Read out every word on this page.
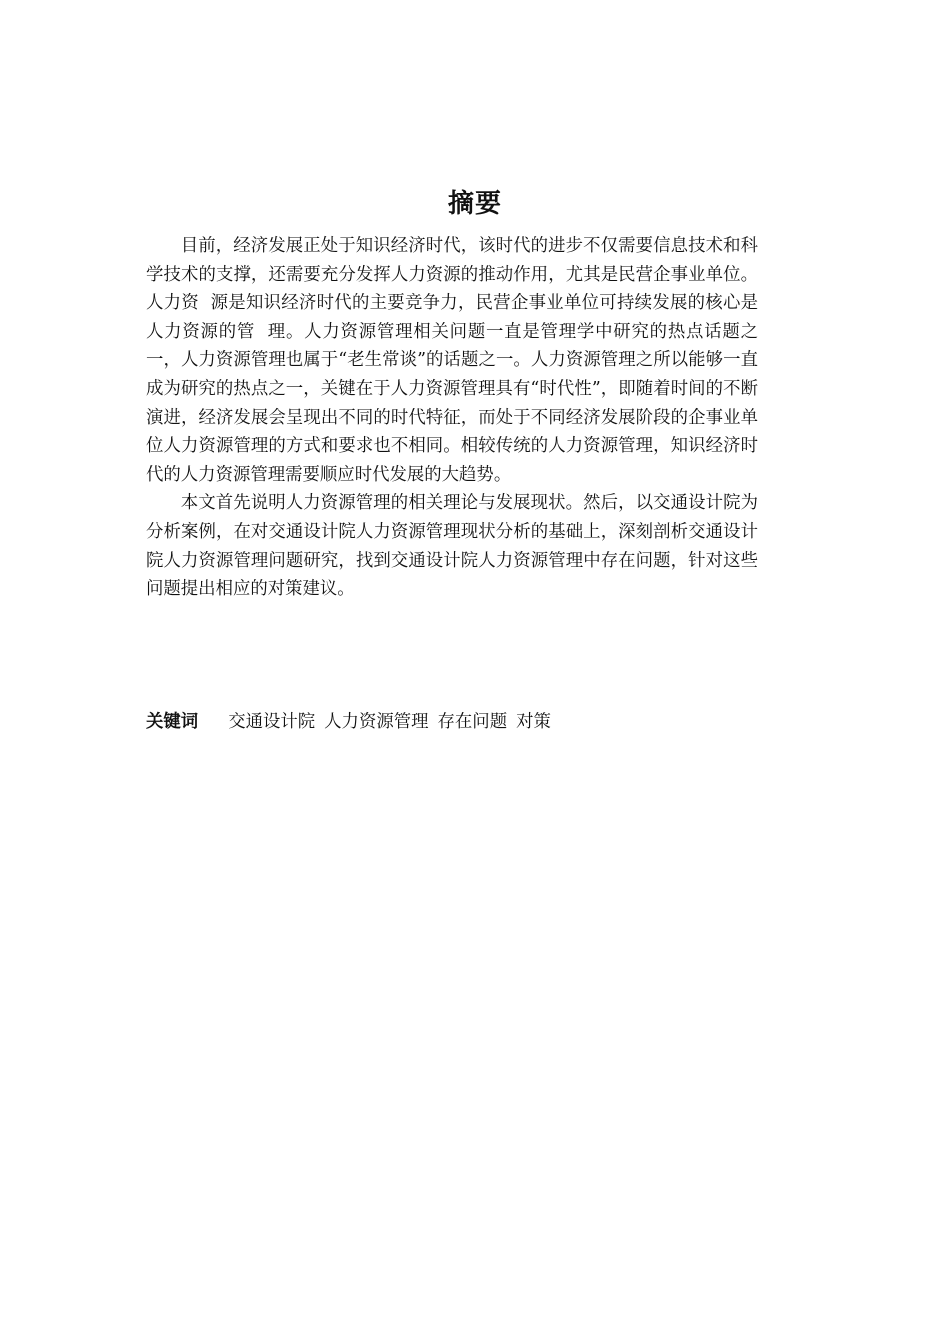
摘要

目前，经济发展正处于知识经济时代，该时代的进步不仅需要信息技术和科  学技术的支撑，还需要充分发挥人力资源的推动作用，尤其是民营企事业单位。人力资  源是知识经济时代的主要竞争力，民营企事业单位可持续发展的核心是人力资源的管  理。人力资源管理相关问题一直是管理学中研究的热点话题之一，人力资源管理也属于“老生常谈”的话题之一。人力资源管理之所以能够一直成为研究的热点之一，关键在于人力资源管理具有“时代性”，即随着时间的不断演进，经济发展会呈现出不同的时代特征，而处于不同经济发展阶段的企事业单位人力资源管理的方式和要求也不相同。相较传统的人力资源管理，知识经济时代的人力资源管理需要顺应时代发展的大趋势。

本文首先说明人力资源管理的相关理论与发展现状。然后，以交通设计院为分析案例，在对交通设计院人力资源管理现状分析的基础上，深刻剖析交通设计院人力资源管理问题研究，找到交通设计院人力资源管理中存在问题，针对这些问题提出相应的对策建议。

关键词 交通设计院 人力资源管理 存在问题 对策
